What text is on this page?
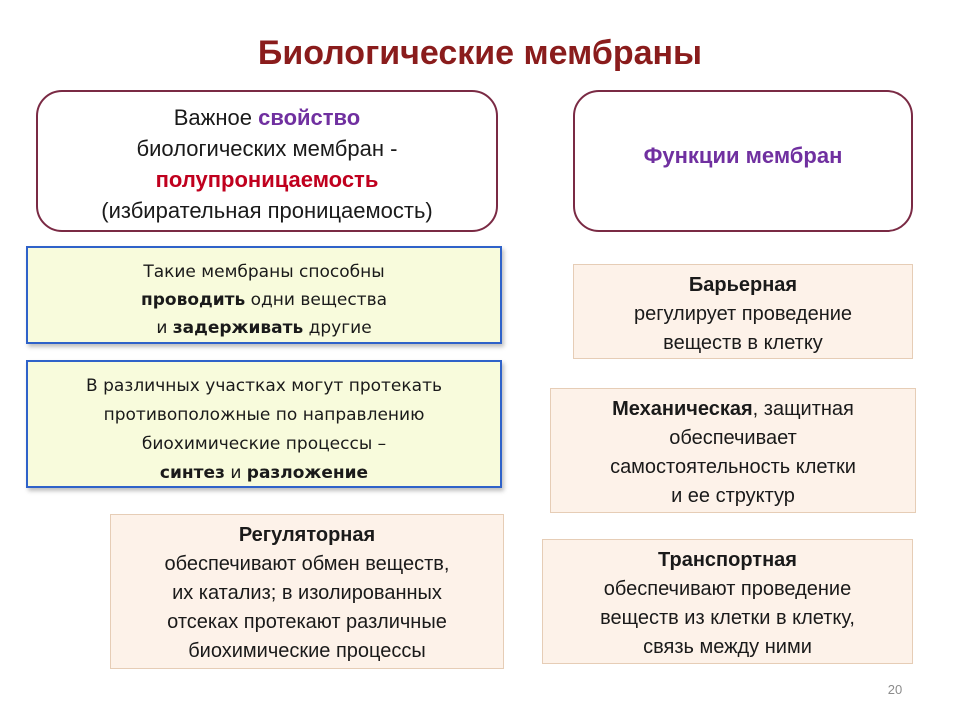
Биологические мембраны
Важное свойство
биологических мембран -
полупроницаемость
(избирательная проницаемость)
Функции мембран
Такие мембраны способны
проводить одни вещества
и задерживать другие
В различных участках могут протекать
противоположные по направлению
биохимические процессы –
синтез и разложение
Барьерная
регулирует проведение
веществ в клетку
Механическая, защитная
обеспечивает
самостоятельность клетки
и ее структур
Регуляторная
обеспечивают обмен веществ,
их катализ; в изолированных
отсеках протекают различные
биохимические процессы
Транспортная
обеспечивают проведение
веществ из клетки в клетку,
связь между ними
20
